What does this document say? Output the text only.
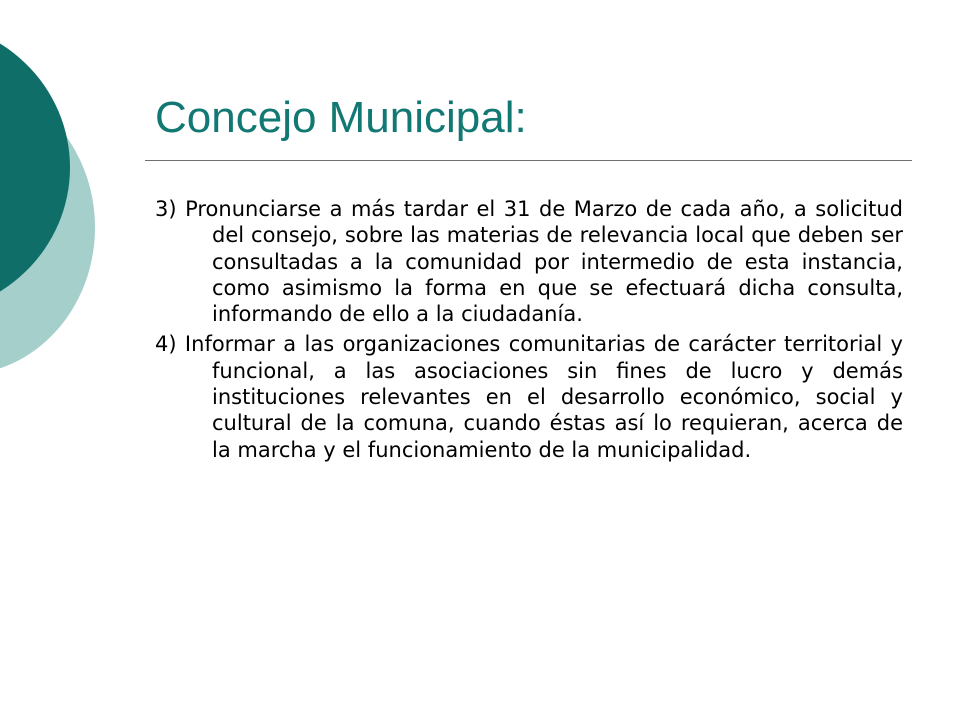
Concejo Municipal:

3) Pronunciarse a más tardar el 31 de Marzo de cada año, a solicitud del consejo, sobre las materias de relevancia local que deben ser consultadas a la comunidad por intermedio de esta instancia, como asimismo la forma en que se efectuará dicha consulta, informando de ello a la ciudadanía.

4) Informar a las organizaciones comunitarias de carácter territorial y funcional, a las asociaciones sin fines de lucro y demás instituciones relevantes en el desarrollo económico, social y cultural de la comuna, cuando éstas así lo requieran, acerca de la marcha y el funcionamiento de la municipalidad.
